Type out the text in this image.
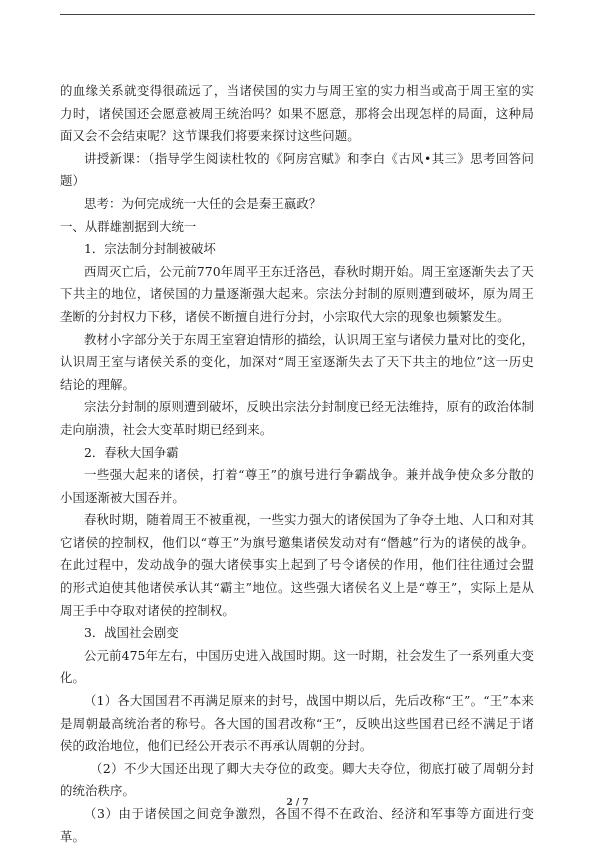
的血缘关系就变得很疏远了，当诸侯国的实力与周王室的实力相当或高于周王室的实力时，诸侯国还会愿意被周王统治吗？如果不愿意，那将会出现怎样的局面，这种局面又会不会结束呢？这节课我们将要来探讨这些问题。

讲授新课：（指导学生阅读杜牧的《阿房宫赋》和李白《古风•其三》思考回答问题）

思考：为何完成统一大任的会是秦王嬴政？

一、从群雄割据到大统一

1．宗法制分封制被破坏

西周灭亡后，公元前770年周平王东迁洛邑，春秋时期开始。周王室逐渐失去了天下共主的地位，诸侯国的力量逐渐强大起来。宗法分封制的原则遭到破坏，原为周王垄断的分封权力下移，诸侯不断擅自进行分封，小宗取代大宗的现象也频繁发生。

教材小字部分关于东周王室窘迫情形的描绘，认识周王室与诸侯力量对比的变化，认识周王室与诸侯关系的变化，加深对“周王室逐渐失去了天下共主的地位”这一历史结论的理解。

宗法分封制的原则遭到破坏，反映出宗法分封制度已经无法维持，原有的政治体制走向崩溃，社会大变革时期已经到来。

2．春秋大国争霸

一些强大起来的诸侯，打着“尊王”的旗号进行争霸战争。兼并战争使众多分散的小国逐渐被大国吞并。

春秋时期，随着周王不被重视，一些实力强大的诸侯国为了争夺土地、人口和对其它诸侯的控制权，他们以“尊王”为旗号邀集诸侯发动对有“僭越”行为的诸侯的战争。在此过程中，发动战争的强大诸侯事实上起到了号令诸侯的作用，他们往往通过会盟的形式迫使其他诸侯承认其“霸主”地位。这些强大诸侯名义上是“尊王”，实际上是从周王手中夺取对诸侯的控制权。

3．战国社会剧变

公元前475年左右，中国历史进入战国时期。这一时期，社会发生了一系列重大变化。

（1）各大国国君不再满足原来的封号，战国中期以后，先后改称“王”。“王”本来是周朝最高统治者的称号。各大国的国君改称“王”，反映出这些国君已经不满足于诸侯的政治地位，他们已经公开表示不再承认周朝的分封。

（2）不少大国还出现了卿大夫夺位的政变。卿大夫夺位，彻底打破了周朝分封的统治秩序。

（3）由于诸侯国之间竞争激烈，各国不得不在政治、经济和军事等方面进行变革。

2 / 7
